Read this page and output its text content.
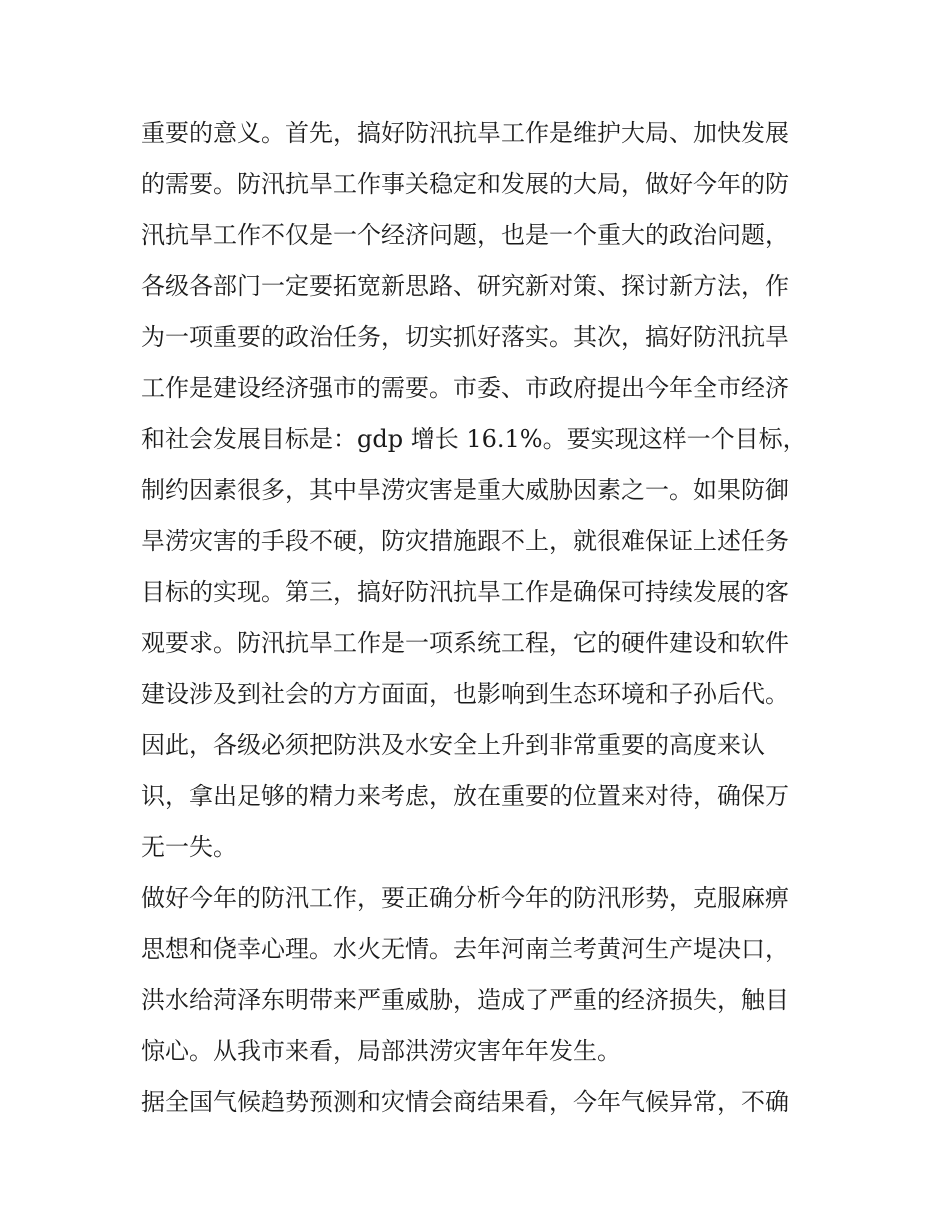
重要的意义。首先，搞好防汛抗旱工作是维护大局、加快发展
的需要。防汛抗旱工作事关稳定和发展的大局，做好今年的防
汛抗旱工作不仅是一个经济问题，也是一个重大的政治问题，
各级各部门一定要拓宽新思路、研究新对策、探讨新方法，作
为一项重要的政治任务，切实抓好落实。其次，搞好防汛抗旱
工作是建设经济强市的需要。市委、市政府提出今年全市经济
和社会发展目标是：gdp 增长 16.1%。要实现这样一个目标，
制约因素很多，其中旱涝灾害是重大威胁因素之一。如果防御
旱涝灾害的手段不硬，防灾措施跟不上，就很难保证上述任务
目标的实现。第三，搞好防汛抗旱工作是确保可持续发展的客
观要求。防汛抗旱工作是一项系统工程，它的硬件建设和软件
建设涉及到社会的方方面面，也影响到生态环境和子孙后代。
因此，各级必须把防洪及水安全上升到非常重要的高度来认
识，拿出足够的精力来考虑，放在重要的位置来对待，确保万
无一失。
做好今年的防汛工作，要正确分析今年的防汛形势，克服麻痹
思想和侥幸心理。水火无情。去年河南兰考黄河生产堤决口，
洪水给菏泽东明带来严重威胁，造成了严重的经济损失，触目
惊心。从我市来看，局部洪涝灾害年年发生。
据全国气候趋势预测和灾情会商结果看，今年气候异常，不确
